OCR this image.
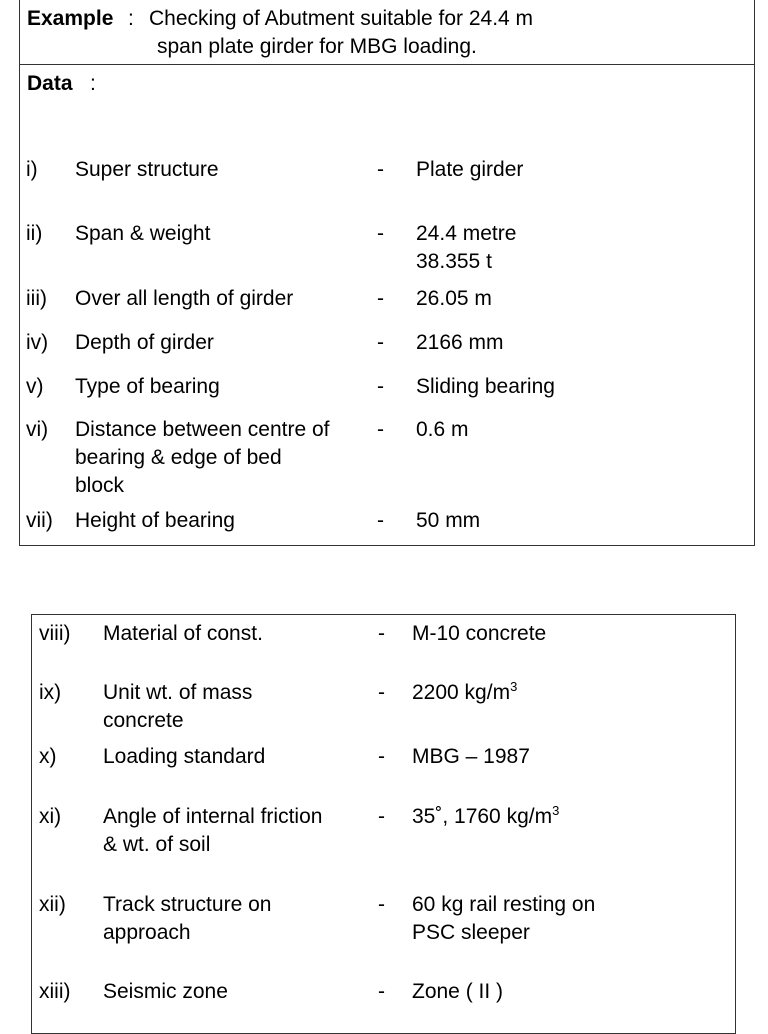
Example : Checking of Abutment suitable for 24.4 m
span plate girder for MBG loading.
Data :
i) Super structure	- Plate girder
ii) Span & weight	- 24.4 metre
38.355 t
iii) Over all length of girder	- 26.05 m
iv) Depth of girder	- 2166 mm
v) Type of bearing	- Sliding bearing
vi) Distance between centre of
bearing & edge of bed
block
- 0.6 m
vii) Height of bearing	- 50 mm
viii) Material of const.	- M-10 concrete
ix) Unit wt. of mass
concrete
- 2200 $kg/m^3$
x) Loading standard	- MBG – 1987
xi) Angle of internal friction
& wt. of soil
- 35˚, 1760 $kg/m^3$
xii) Track structure on
approach
- 60 kg rail resting on
PSC sleeper
xiii) Seismic zone	- Zone ( II )
